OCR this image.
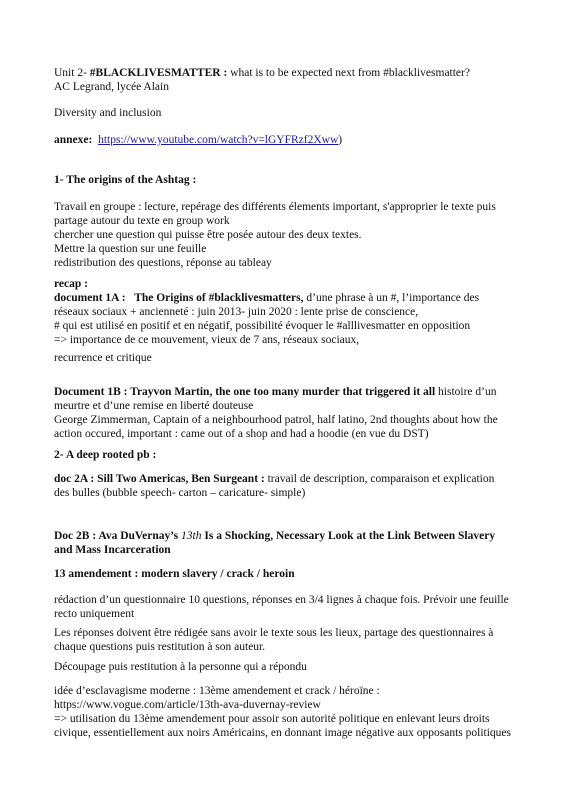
Unit 2- #BLACKLIVESMATTER : what is to be expected next from #blacklivesmatter?
AC Legrand, lycée Alain
Diversity and inclusion
annexe: https://www.youtube.com/watch?v=lGYFRzf2Xww)
1- The origins of the Ashtag :
Travail en groupe : lecture, repérage des différents élements important, s'approprier le texte puis
partage autour du texte en group work
chercher une question qui puisse être posée autour des deux textes.
Mettre la question sur une feuille
redistribution des questions, réponse au tableay
recap :
document 1A : The Origins of #blacklivesmatters, d’une phrase à un #, l’importance des
réseaux sociaux + ancienneté : juin 2013- juin 2020 : lente prise de conscience,
# qui est utilisé en positif et en négatif, possibilité évoquer le #alllivesmatter en opposition
=> importance de ce mouvement, vieux de 7 ans, réseaux sociaux,
recurrence et critique
Document 1B : Trayvon Martin, the one too many murder that triggered it all histoire d’un
meurtre et d’une remise en liberté douteuse
George Zimmerman, Captain of a neighbourhood patrol, half latino, 2nd thoughts about how the
action occured, important : came out of a shop and had a hoodie (en vue du DST)
2- A deep rooted pb :
doc 2A : Sill Two Americas, Ben Surgeant : travail de description, comparaison et explication
des bulles (bubble speech- carton – caricature- simple)
Doc 2B : Ava DuVernay’s 13th Is a Shocking, Necessary Look at the Link Between Slavery
and Mass Incarceration
13 amendement : modern slavery / crack / heroin
rédaction d’un questionnaire 10 questions, réponses en 3/4 lignes à chaque fois. Prévoir une feuille
recto uniquement
Les réponses doivent être rédigée sans avoir le texte sous les lieux, partage des questionnaires à
chaque questions puis restitution à son auteur.
Découpage puis restitution à la personne qui a répondu
idée d’esclavagisme moderne : 13ème amendement et crack / héroïne :
https://www.vogue.com/article/13th-ava-duvernay-review
=> utilisation du 13ème amendement pour assoir son autorité politique en enlevant leurs droits
civique, essentiellement aux noirs Américains, en donnant image négative aux opposants politiques
